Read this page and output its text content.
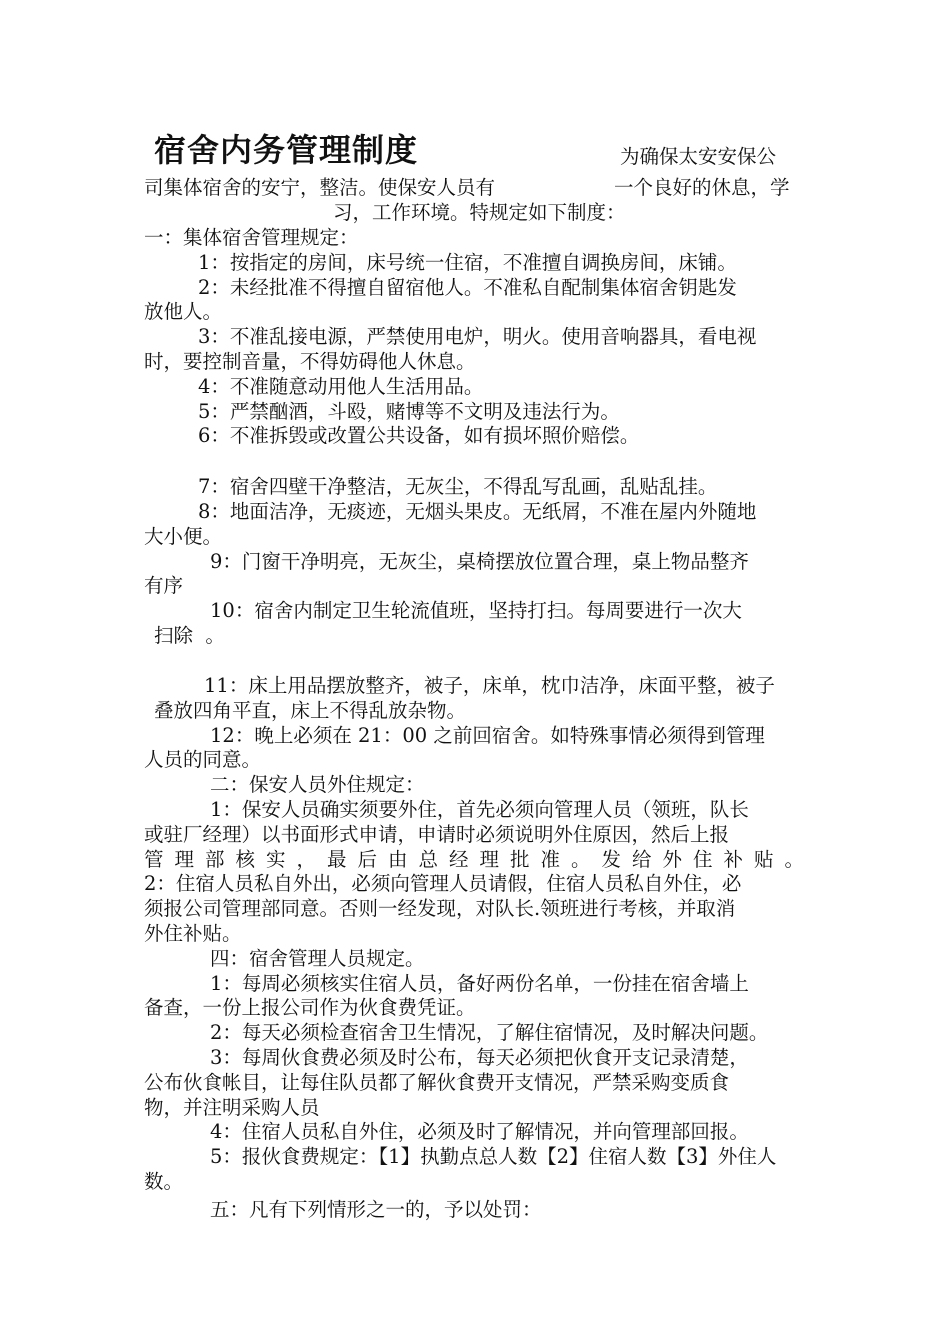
宿舍内务管理制度	为确保太安安保公
司集体宿舍的安宁，整洁。使保安人员有	一个良好的休息，学
习，工作环境。特规定如下制度：
一：集体宿舍管理规定：
1：按指定的房间，床号统一住宿，不准擅自调换房间，床铺。
2：未经批准不得擅自留宿他人。不准私自配制集体宿舍钥匙发
放他人。
3：不准乱接电源，严禁使用电炉，明火。使用音响器具，看电视
时，要控制音量，不得妨碍他人休息。
4：不准随意动用他人生活用品。
5：严禁酗酒，斗殴，赌博等不文明及违法行为。
6：不准拆毁或改置公共设备，如有损坏照价赔偿。
7：宿舍四壁干净整洁，无灰尘，不得乱写乱画，乱贴乱挂。
8：地面洁净，无痰迹，无烟头果皮。无纸屑，不准在屋内外随地
大小便。
9：门窗干净明亮，无灰尘，桌椅摆放位置合理，桌上物品整齐
有序
10：宿舍内制定卫生轮流值班，坚持打扫。每周要进行一次大
扫除  。
11：床上用品摆放整齐，被子，床单，枕巾洁净，床面平整，被子
叠放四角平直，床上不得乱放杂物。
12：晚上必须在 21：00 之前回宿舍。如特殊事情必须得到管理
人员的同意。
二：保安人员外住规定：
1：保安人员确实须要外住，首先必须向管理人员（领班，队长
或驻厂经理）以书面形式申请，申请时必须说明外住原因，然后上报
管理部核实，最后由总经理批准。发给外住补贴。
2：住宿人员私自外出，必须向管理人员请假，住宿人员私自外住，必
须报公司管理部同意。否则一经发现，对队长.领班进行考核，并取消
外住补贴。
四：宿舍管理人员规定。
1：每周必须核实住宿人员，备好两份名单，一份挂在宿舍墙上
备查，一份上报公司作为伙食费凭证。
2：每天必须检查宿舍卫生情况，了解住宿情况，及时解决问题。
3：每周伙食费必须及时公布，每天必须把伙食开支记录清楚，
公布伙食帐目，让每住队员都了解伙食费开支情况，严禁采购变质食
物，并注明采购人员
4：住宿人员私自外住，必须及时了解情况，并向管理部回报。
5：报伙食费规定：【1】执勤点总人数【2】住宿人数【3】外住人
数。
五：凡有下列情形之一的，予以处罚：
